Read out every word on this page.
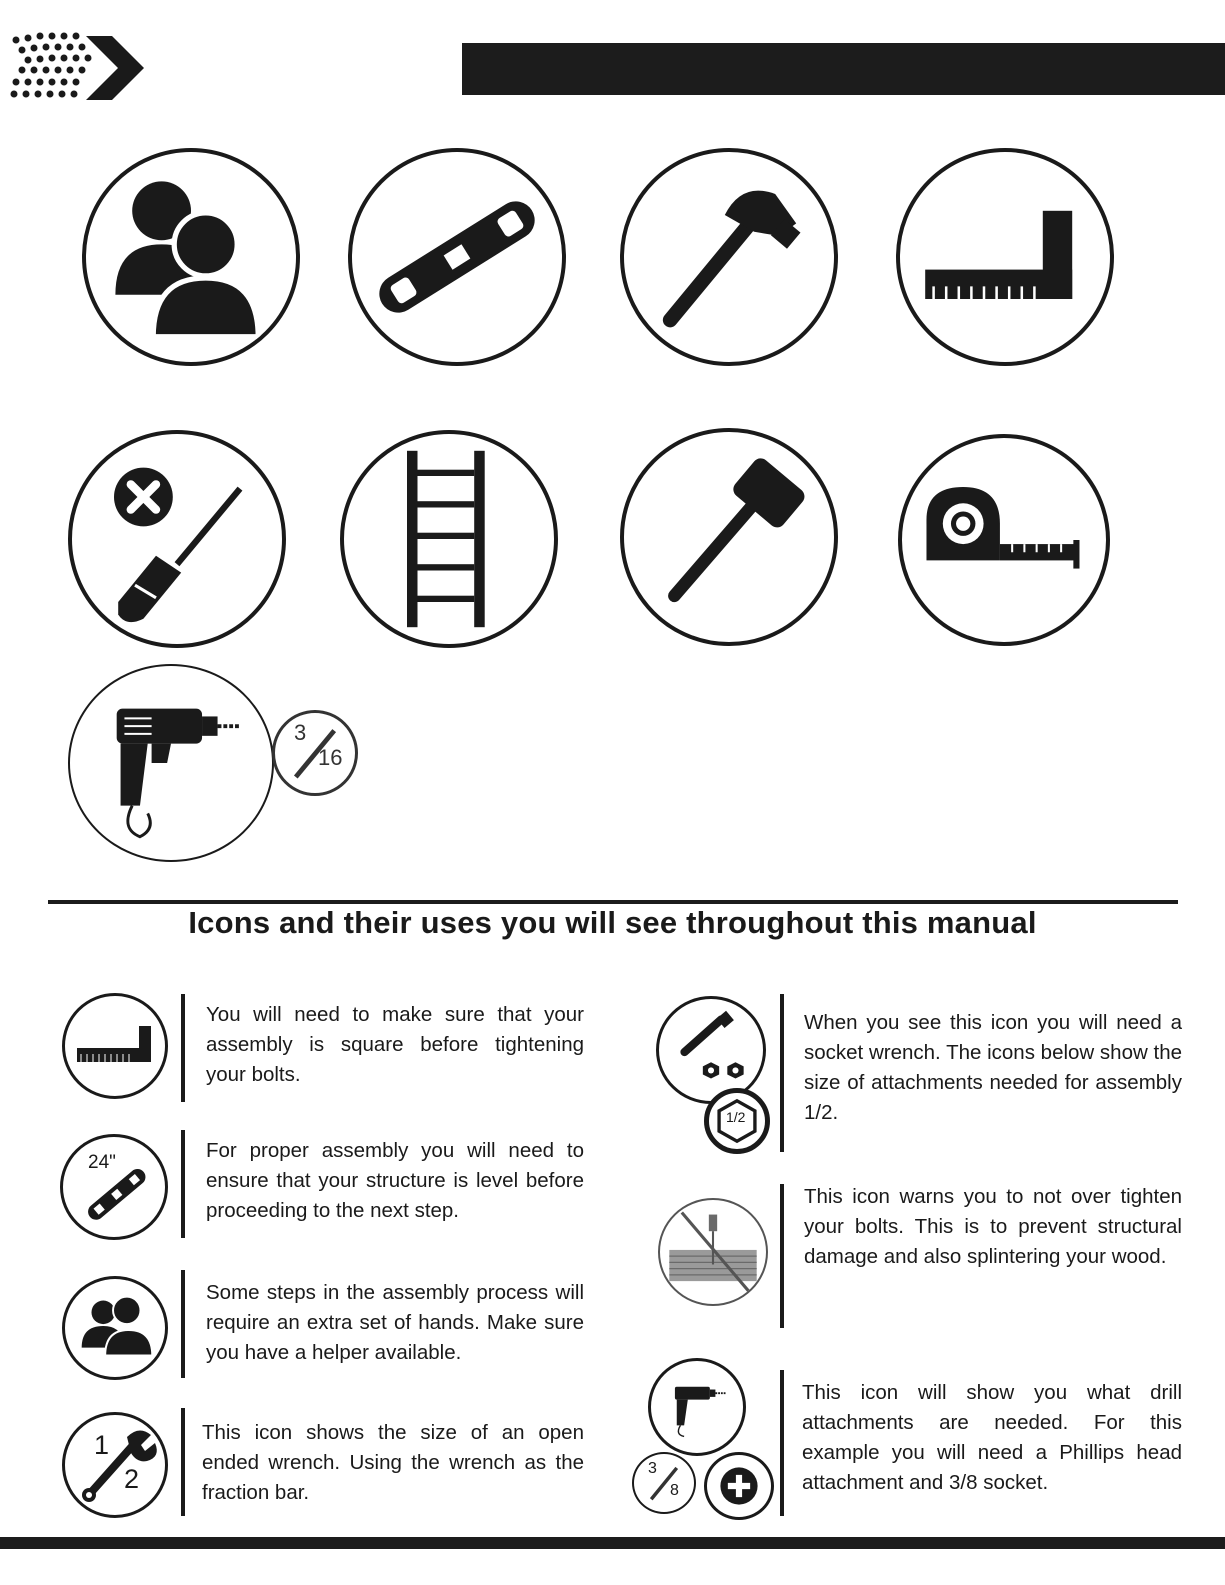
3
16
Icons and their uses you will see throughout this manual
You will need to make sure that your assembly is square before tightening your bolts.
24"
For proper assembly you will need to ensure that your structure is level before proceeding to the next step.
Some steps in the assembly process will require an extra set of hands. Make sure you have a helper available.
1
2
This icon shows the size of an open ended wrench. Using the wrench as the fraction bar.
1/2
When you see this icon you will need a socket wrench. The icons below show the size of attachments needed for assembly 1/2.
This icon warns you to not over tighten your bolts. This is to prevent structural damage and also splintering your wood.
3
8
This icon will show you what drill attachments are needed. For this example you will need a Phillips head attachment and 3/8 socket.
